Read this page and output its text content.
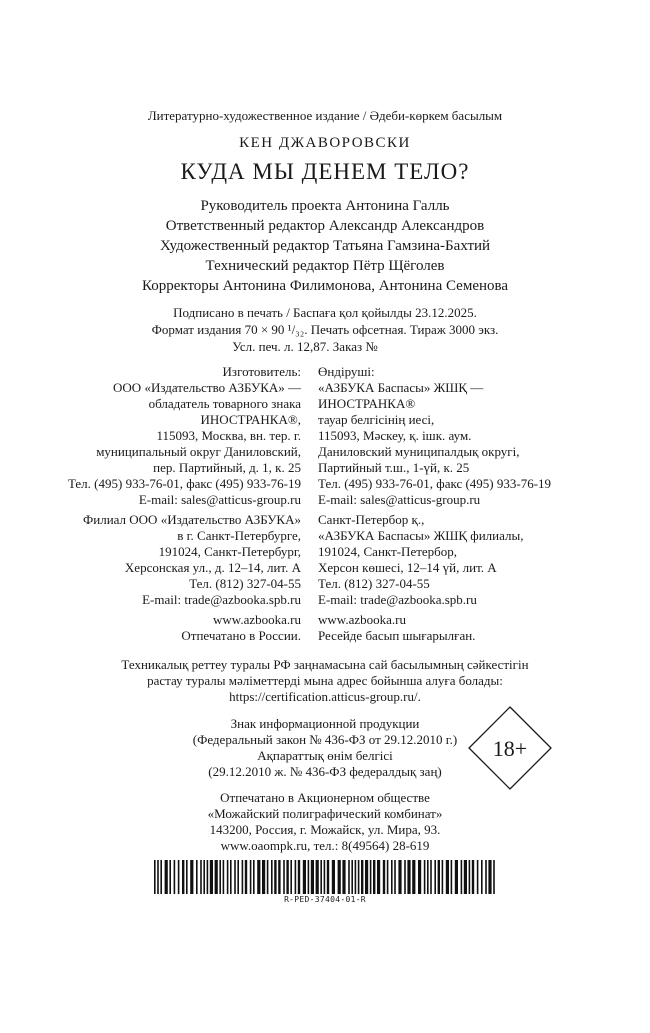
Литературно-художественное издание / Әдеби-көркем басылым
КЕН ДЖАВОРОВСКИ
КУДА МЫ ДЕНЕМ ТЕЛО?
Руководитель проекта Антонина Галль
Ответственный редактор Александр Александров
Художественный редактор Татьяна Гамзина-Бахтий
Технический редактор Пётр Щёголев
Корректоры Антонина Филимонова, Антонина Семенова
Подписано в печать / Баспаға қол қойылды 23.12.2025.
Формат издания 70 × 90 ¹/₃₂. Печать офсетная. Тираж 3000 экз.
Усл. печ. л. 12,87. Заказ №
Изготовитель:
ООО «Издательство АЗБУКА» —
обладатель товарного знака
ИНОСТРАНКА®,
115093, Москва, вн. тер. г.
муниципальный округ Даниловский,
пер. Партийный, д. 1, к. 25
Тел. (495) 933-76-01, факс (495) 933-76-19
E-mail: sales@atticus-group.ru
Өндіруші:
«АЗБУКА Баспасы» ЖШҚ —
ИНОСТРАНКА®
тауар белгісінің иесі,
115093, Мәскеу, қ. ішк. аум.
Даниловский муниципалдық округі,
Партийный т.ш., 1-үй, к. 25
Тел. (495) 933-76-01, факс (495) 933-76-19
E-mail: sales@atticus-group.ru
Филиал ООО «Издательство АЗБУКА»
в г. Санкт-Петербурге,
191024, Санкт-Петербург,
Херсонская ул., д. 12–14, лит. А
Тел. (812) 327-04-55
E-mail: trade@azbooka.spb.ru
Санкт-Петербор қ.,
«АЗБУКА Баспасы» ЖШҚ филиалы,
191024, Санкт-Петербор,
Херсон көшесі, 12–14 үй, лит. А
Тел. (812) 327-04-55
E-mail: trade@azbooka.spb.ru
www.azbooka.ru
Отпечатано в России.
www.azbooka.ru
Ресейде басып шығарылған.
Техникалық реттеу туралы РФ заңнамасына сай басылымның сәйкестігін
растау туралы мәліметтерді мына адрес бойынша алуға болады:
https://certification.atticus-group.ru/.
Знак информационной продукции
(Федеральный закон № 436-ФЗ от 29.12.2010 г.)
Ақпараттық өнім белгісі
(29.12.2010 ж. № 436-ФЗ федералдық заң)
18+
Отпечатано в Акционерном обществе
«Можайский полиграфический комбинат»
143200, Россия, г. Можайск, ул. Мира, 93.
www.oaompk.ru, тел.: 8(49564) 28-619
R-PED-37404-01-R
